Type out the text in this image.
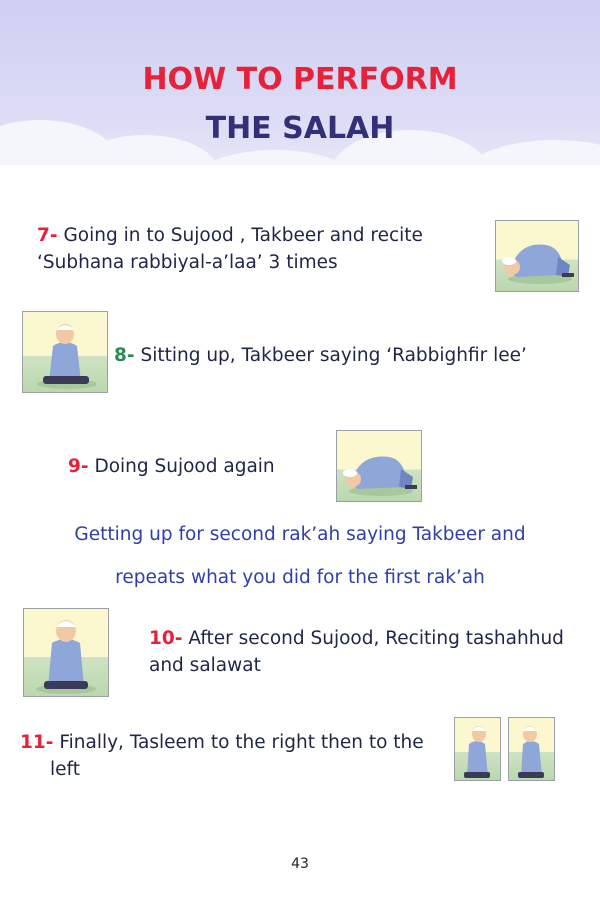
HOW TO PERFORM
THE SALAH
7- Going in to Sujood , Takbeer and recite
‘Subhana rabbiyal-a’laa’ 3 times
8- Sitting up, Takbeer saying ‘Rabbighfir lee’
9- Doing Sujood again
Getting up for second rak’ah saying Takbeer and
repeats what you did for the first rak’ah
10- After second Sujood, Reciting tashahhud
and salawat
11- Finally, Tasleem to the right then to the
left
43
